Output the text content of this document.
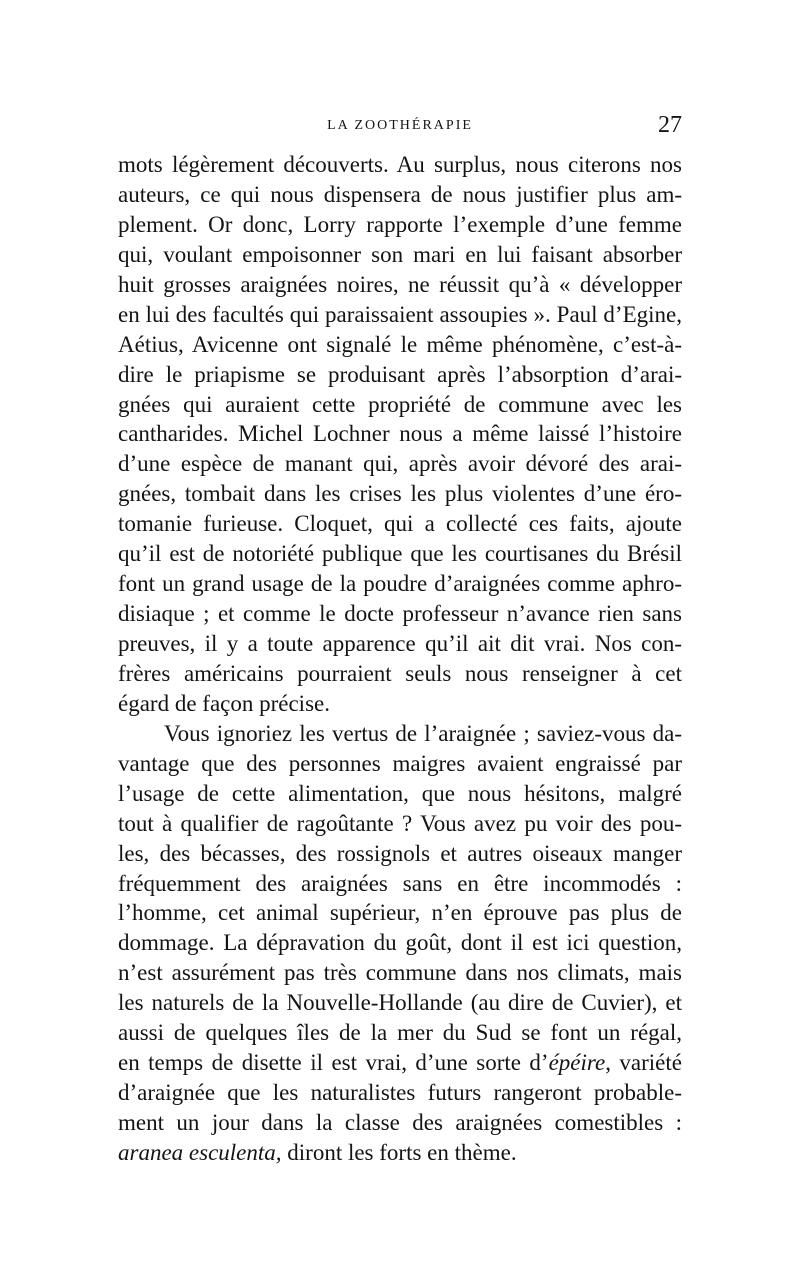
LA ZOOTHÉRAPIE	27
mots légèrement découverts. Au surplus, nous citerons nos
auteurs, ce qui nous dispensera de nous justifier plus am-
plement. Or donc, Lorry rapporte l’exemple d’une femme
qui, voulant empoisonner son mari en lui faisant absorber
huit grosses araignées noires, ne réussit qu’à « développer
en lui des facultés qui paraissaient assoupies ». Paul d’Egine,
Aétius, Avicenne ont signalé le même phénomène, c’est-à-
dire le priapisme se produisant après l’absorption d’arai-
gnées qui auraient cette propriété de commune avec les
cantharides. Michel Lochner nous a même laissé l’histoire
d’une espèce de manant qui, après avoir dévoré des arai-
gnées, tombait dans les crises les plus violentes d’une éro-
tomanie furieuse. Cloquet, qui a collecté ces faits, ajoute
qu’il est de notoriété publique que les courtisanes du Brésil
font un grand usage de la poudre d’araignées comme aphro-
disiaque ; et comme le docte professeur n’avance rien sans
preuves, il y a toute apparence qu’il ait dit vrai. Nos con-
frères américains pourraient seuls nous renseigner à cet
égard de façon précise.
Vous ignoriez les vertus de l’araignée ; saviez-vous da-
vantage que des personnes maigres avaient engraissé par
l’usage de cette alimentation, que nous hésitons, malgré
tout à qualifier de ragoûtante ? Vous avez pu voir des pou-
les, des bécasses, des rossignols et autres oiseaux manger
fréquemment des araignées sans en être incommodés :
l’homme, cet animal supérieur, n’en éprouve pas plus de
dommage. La dépravation du goût, dont il est ici question,
n’est assurément pas très commune dans nos climats, mais
les naturels de la Nouvelle-Hollande (au dire de Cuvier), et
aussi de quelques îles de la mer du Sud se font un régal,
en temps de disette il est vrai, d’une sorte d’épéire, variété
d’araignée que les naturalistes futurs rangeront probable-
ment un jour dans la classe des araignées comestibles :
aranea esculenta, diront les forts en thème.
